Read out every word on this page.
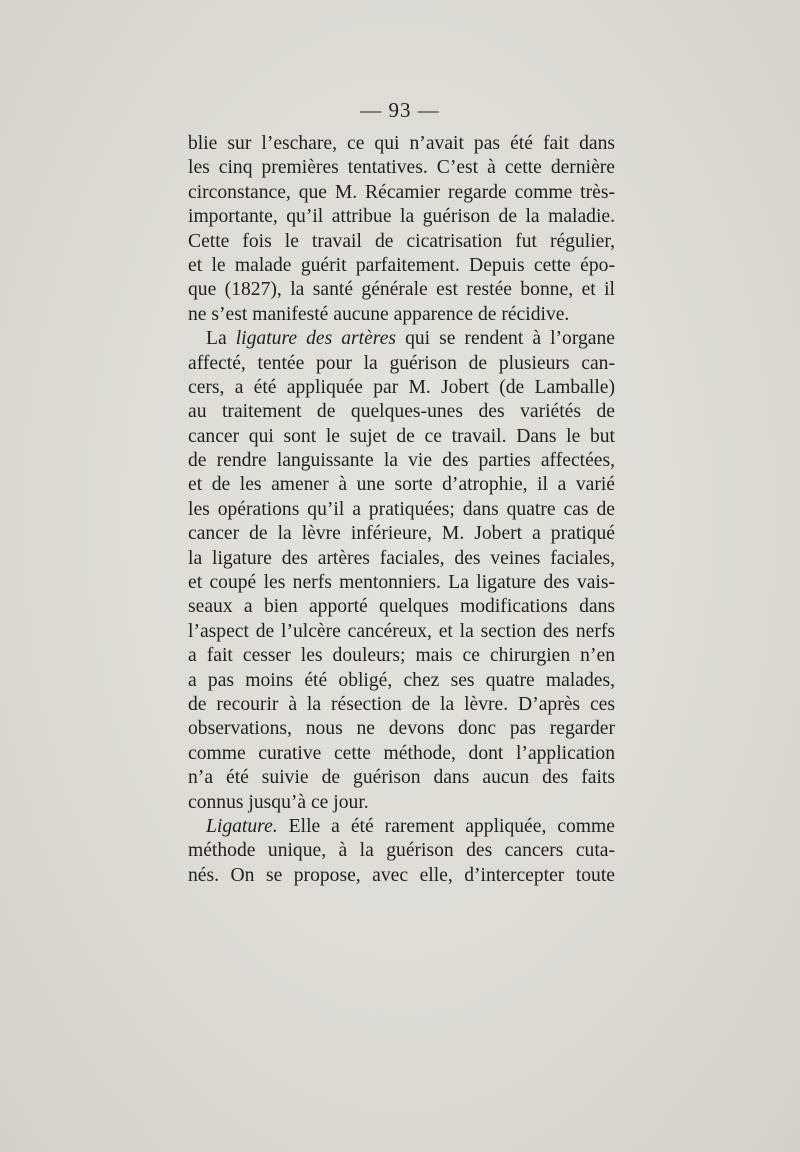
— 93 —
blie sur l’eschare, ce qui n’avait pas été fait dans
les cinq premières tentatives. C’est à cette dernière
circonstance, que M. Récamier regarde comme très-
importante, qu’il attribue la guérison de la maladie.
Cette fois le travail de cicatrisation fut régulier,
et le malade guérit parfaitement. Depuis cette épo-
que (1827), la santé générale est restée bonne, et il
ne s’est manifesté aucune apparence de récidive.
La ligature des artères qui se rendent à l’organe
affecté, tentée pour la guérison de plusieurs can-
cers, a été appliquée par M. Jobert (de Lamballe)
au traitement de quelques-unes des variétés de
cancer qui sont le sujet de ce travail. Dans le but
de rendre languissante la vie des parties affectées,
et de les amener à une sorte d’atrophie, il a varié
les opérations qu’il a pratiquées; dans quatre cas de
cancer de la lèvre inférieure, M. Jobert a pratiqué
la ligature des artères faciales, des veines faciales,
et coupé les nerfs mentonniers. La ligature des vais-
seaux a bien apporté quelques modifications dans
l’aspect de l’ulcère cancéreux, et la section des nerfs
a fait cesser les douleurs; mais ce chirurgien n’en
a pas moins été obligé, chez ses quatre malades,
de recourir à la résection de la lèvre. D’après ces
observations, nous ne devons donc pas regarder
comme curative cette méthode, dont l’application
n’a été suivie de guérison dans aucun des faits
connus jusqu’à ce jour.
Ligature. Elle a été rarement appliquée, comme
méthode unique, à la guérison des cancers cuta-
nés. On se propose, avec elle, d’intercepter toute
